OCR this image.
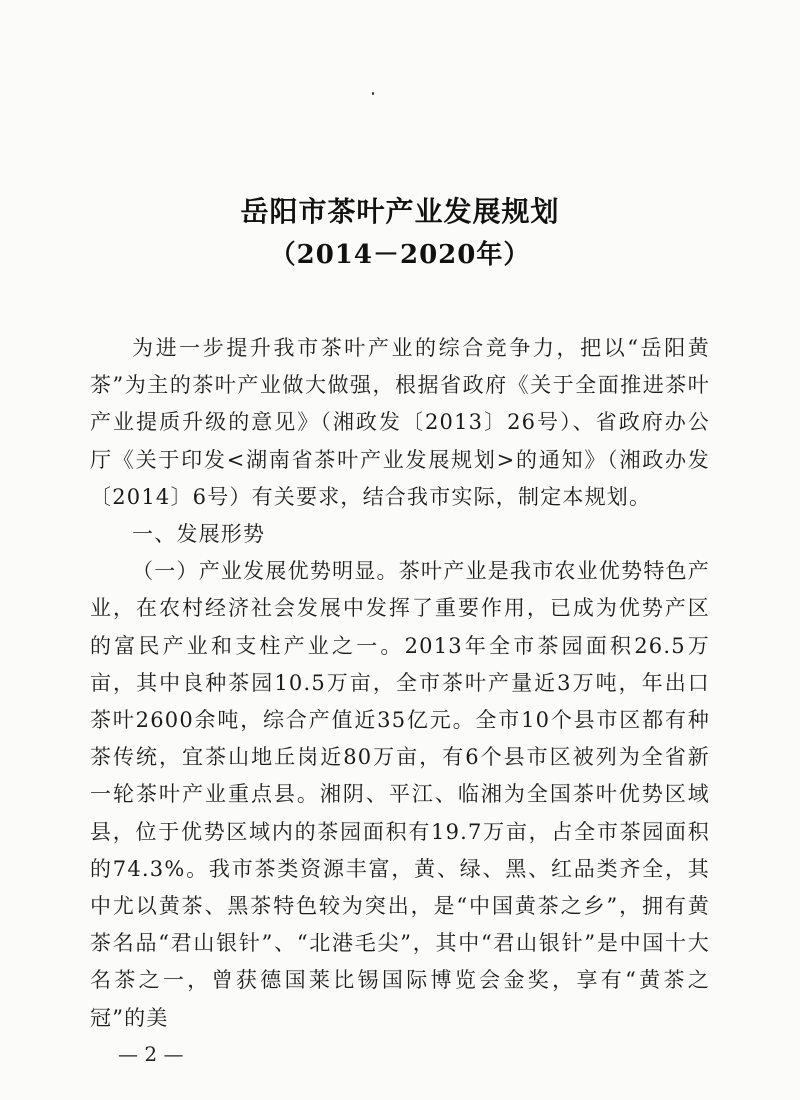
岳阳市茶叶产业发展规划
（2014－2020年）

为进一步提升我市茶叶产业的综合竞争力，把以“岳阳黄茶”为主的茶叶产业做大做强，根据省政府《关于全面推进茶叶产业提质升级的意见》（湘政发〔2013〕26号）、省政府办公厅《关于印发<湖南省茶叶产业发展规划>的通知》（湘政办发〔2014〕6号）有关要求，结合我市实际，制定本规划。

一、发展形势

（一）产业发展优势明显。茶叶产业是我市农业优势特色产业，在农村经济社会发展中发挥了重要作用，已成为优势产区的富民产业和支柱产业之一。2013年全市茶园面积26.5万亩，其中良种茶园10.5万亩，全市茶叶产量近3万吨，年出口茶叶2600余吨，综合产值近35亿元。全市10个县市区都有种茶传统，宜茶山地丘岗近80万亩，有6个县市区被列为全省新一轮茶叶产业重点县。湘阴、平江、临湘为全国茶叶优势区域县，位于优势区域内的茶园面积有19.7万亩，占全市茶园面积的74.3%。我市茶类资源丰富，黄、绿、黑、红品类齐全，其中尤以黄茶、黑茶特色较为突出，是“中国黄茶之乡”，拥有黄茶名品“君山银针”、“北港毛尖”，其中“君山银针”是中国十大名茶之一，曾获德国莱比锡国际博览会金奖，享有“黄茶之冠”的美

— 2 —
